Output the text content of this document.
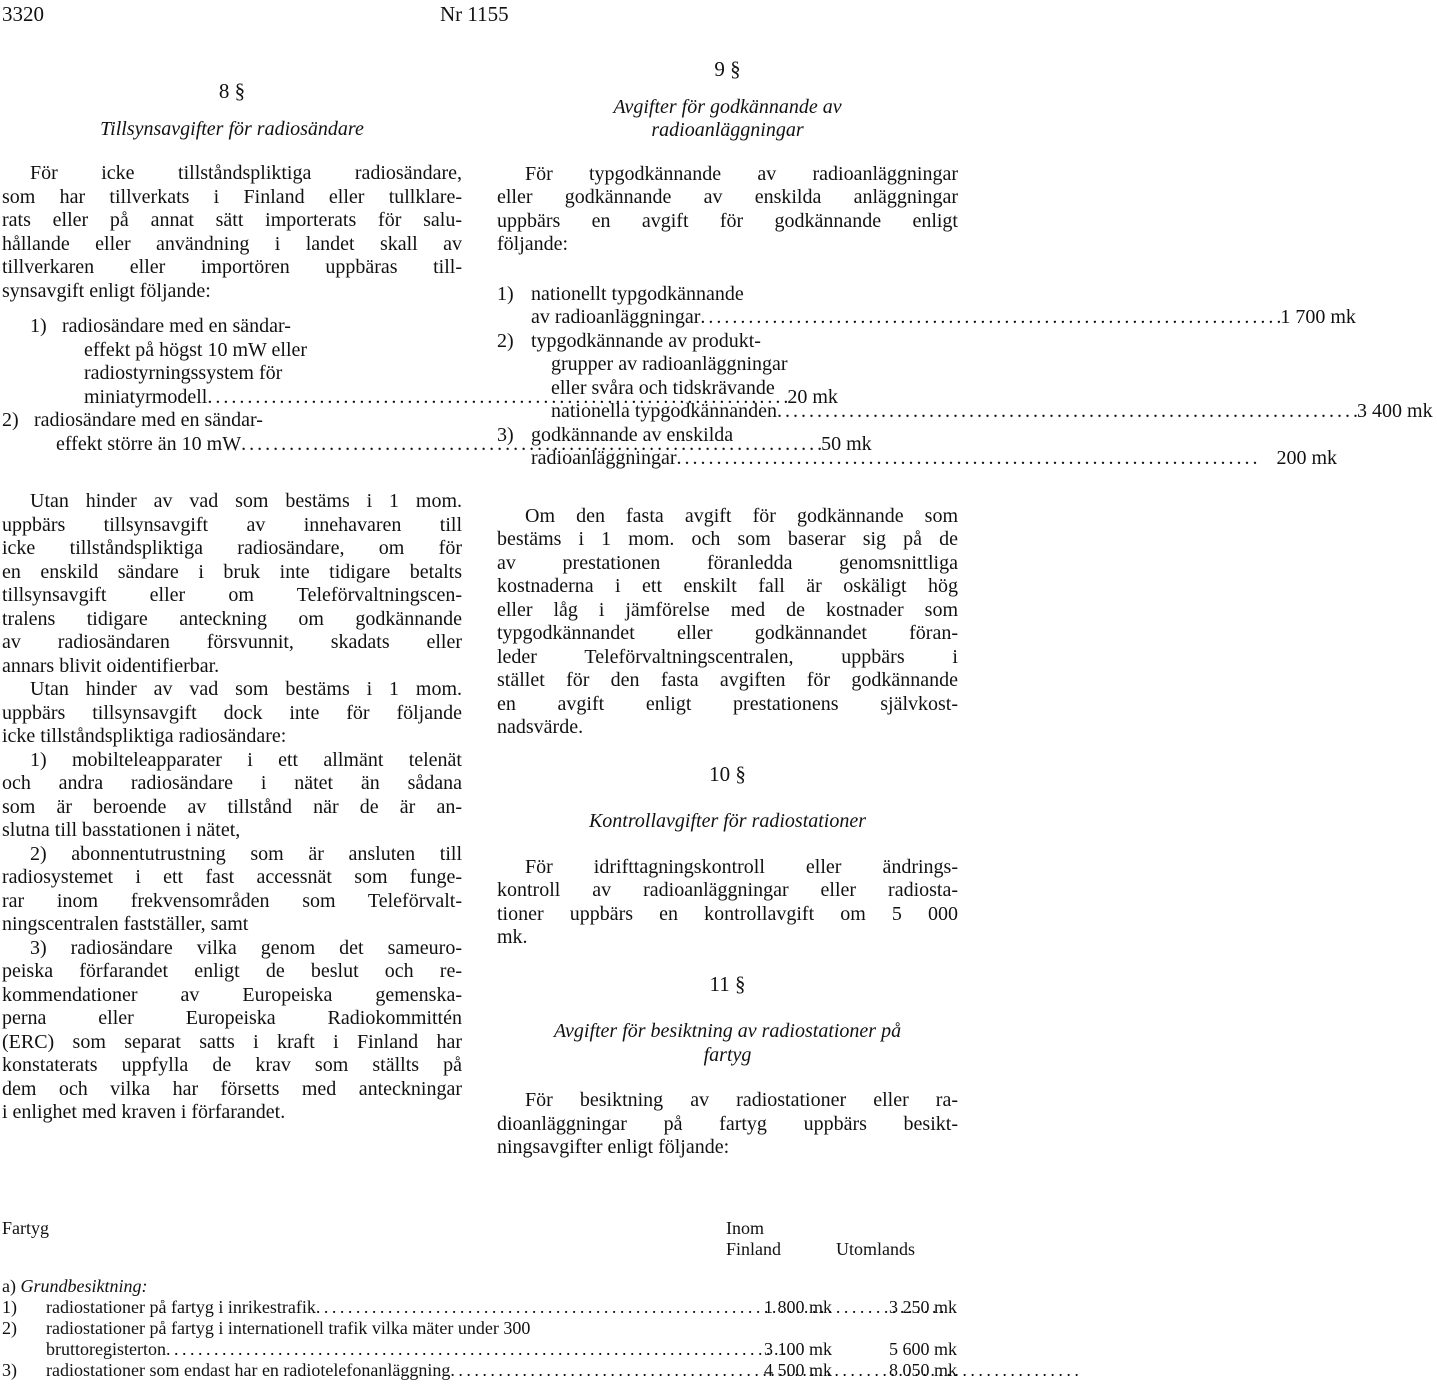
3320	Nr 1155
8 §
Tillsynsavgifter för radiosändare
För icke tillståndspliktiga radiosändare,
som har tillverkats i Finland eller tullklare-
rats eller på annat sätt importerats för salu-
hållande eller användning i landet skall av
tillverkaren eller importören uppbäras till-
synsavgift enligt följande:
1) radiosändare med en sändar-
effekt på högst 10 mW eller
radiostyrningssystem för
miniatyrmodell . . .	20 mk
2) radiosändare med en sändar-
effekt större än 10 mW . . .	50 mk
Utan hinder av vad som bestäms i 1 mom.
uppbärs tillsynsavgift av innehavaren till
icke tillståndspliktiga radiosändare, om för
en enskild sändare i bruk inte tidigare betalts
tillsynsavgift eller om Teleförvaltningscen-
tralens tidigare anteckning om godkännande
av radiosändaren försvunnit, skadats eller
annars blivit oidentifierbar.
Utan hinder av vad som bestäms i 1 mom.
uppbärs tillsynsavgift dock inte för följande
icke tillståndspliktiga radiosändare:
1) mobilteleapparater i ett allmänt telenät
och andra radiosändare i nätet än sådana
som är beroende av tillstånd när de är an-
slutna till basstationen i nätet,
2) abonnentutrustning som är ansluten till
radiosystemet i ett fast accessnät som funge-
rar inom frekvensområden som Teleförvalt-
ningscentralen fastställer, samt
3) radiosändare vilka genom det sameuro-
peiska förfarandet enligt de beslut och re-
kommendationer av Europeiska gemenska-
perna eller Europeiska Radiokommittén
(ERC) som separat satts i kraft i Finland har
konstaterats uppfylla de krav som ställts på
dem och vilka har försetts med anteckningar
i enlighet med kraven i förfarandet.
9 §
Avgifter för godkännande av
radioanläggningar
För typgodkännande av radioanläggningar
eller godkännande av enskilda anläggningar
uppbärs en avgift för godkännande enligt
följande:
1) nationellt typgodkännande
av radioanläggningar . . .	1 700 mk
2) typgodkännande av produkt-
grupper av radioanläggningar
eller svåra och tidskrävande
nationella typgodkännanden . . .	3 400 mk
3) godkännande av enskilda
radioanläggningar . . .	200 mk
Om den fasta avgift för godkännande som
bestäms i 1 mom. och som baserar sig på de
av prestationen föranledda genomsnittliga
kostnaderna i ett enskilt fall är oskäligt hög
eller låg i jämförelse med de kostnader som
typgodkännandet eller godkännandet föran-
leder Teleförvaltningscentralen, uppbärs i
stället för den fasta avgiften för godkännande
en avgift enligt prestationens självkost-
nadsvärde.
10 §
Kontrollavgifter för radiostationer
För idrifttagningskontroll eller ändrings-
kontroll av radioanläggningar eller radiosta-
tioner uppbärs en kontrollavgift om 5 000
mk.
11 §
Avgifter för besiktning av radiostationer på
fartyg
För besiktning av radiostationer eller ra-
dioanläggningar på fartyg uppbärs besikt-
ningsavgifter enligt följande:
Fartyg	Inom
Finland	Utomlands
a) Grundbesiktning:
1)	radiostationer på fartyg i inrikestrafik . . .	1 800 mk	3 250 mk
2)	radiostationer på fartyg i internationell trafik vilka mäter under 300
bruttoregisterton . . .	3 100 mk	5 600 mk
3)	radiostationer som endast har en radiotelefonanläggning . . .	4 500 mk	8 050 mk
